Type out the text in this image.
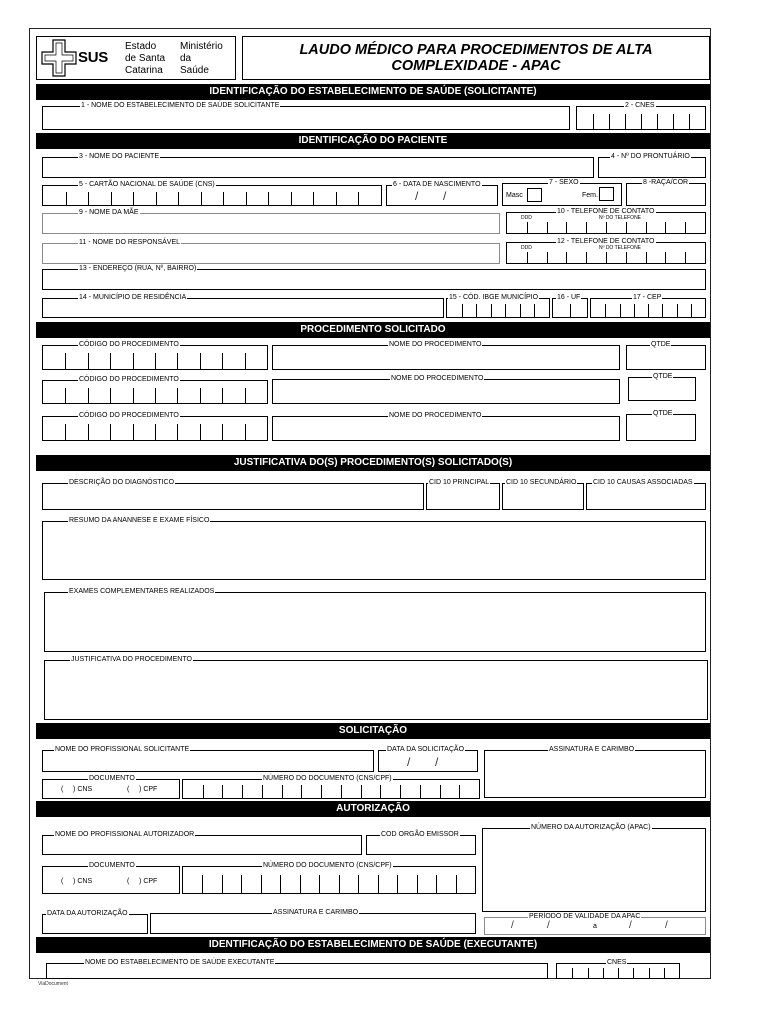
SUS
Estado
de Santa
Catarina
Ministério
da
Saúde
LAUDO MÉDICO PARA PROCEDIMENTOS DE ALTA
COMPLEXIDADE - APAC
IDENTIFICAÇÃO DO ESTABELECIMENTO DE SAÚDE (SOLICITANTE)
1 - NOME DO ESTABELECIMENTO DE SAÚDE SOLICITANTE	2 - CNES
IDENTIFICAÇÃO DO PACIENTE
3 - NOME DO PACIENTE	4 - Nº DO PRONTUÁRIO
5 - CARTÃO NACIONAL DE SAÚDE (CNS)	6 - DATA DE NASCIMENTO
/ /
7 - SEXO
Masc	Fem.
8 -RAÇA/COR
9 - NOME DA MÃE	10 - TELEFONE DE CONTATO
DDD	Nº DO TELEFONE
11 - NOME DO RESPONSÁVEL	12 - TELEFONE DE CONTATO
DDD	Nº DO TELEFONE
13 - ENDEREÇO (RUA, Nº, BAIRRO)
14 - MUNICÍPIO DE RESIDÊNCIA	15 - CÓD. IBGE MUNICÍPIO	16 - UF	17 - CEP
PROCEDIMENTO SOLICITADO
CÓDIGO DO PROCEDIMENTO	NOME DO PROCEDIMENTO	QTDE
CÓDIGO DO PROCEDIMENTO	NOME DO PROCEDIMENTO	QTDE
CÓDIGO DO PROCEDIMENTO	NOME DO PROCEDIMENTO	QTDE
JUSTIFICATIVA DO(S) PROCEDIMENTO(S) SOLICITADO(S)
DESCRIÇÃO DO DIAGNÓSTICO	CID 10 PRINCIPAL CID 10 SECUNDÁRIO CID 10 CAUSAS ASSOCIADAS
RESUMO DA ANANNESE E EXAME FÍSICO
EXAMES COMPLEMENTARES REALIZADOS
JUSTIFICATIVA DO PROCEDIMENTO
SOLICITAÇÃO
NOME DO PROFISSIONAL SOLICITANTE	DATA DA SOLICITAÇÃO
/ /
ASSINATURA E CARIMBO
DOCUMENTO
(     ) CNS	(     ) CPF
NÚMERO DO DOCUMENTO (CNS/CPF)
AUTORIZAÇÃO
NOME DO PROFISSIONAL AUTORIZADOR	COD ORGÃO EMISSOR
NÚMERO DA AUTORIZAÇÃO (APAC)
DOCUMENTO
(     ) CNS	(     ) CPF
NÚMERO DO DOCUMENTO (CNS/CPF)
DATA DA AUTORIZAÇÃO	ASSINATURA E CARIMBO
PERÍODO DE VALIDADE DA APAC
/	/	a	/	/
IDENTIFICAÇÃO DO ESTABELECIMENTO DE SAÚDE (EXECUTANTE)
NOME DO ESTABELECIMENTO DE SAÚDE EXECUTANTE	CNES
ViaDocument
